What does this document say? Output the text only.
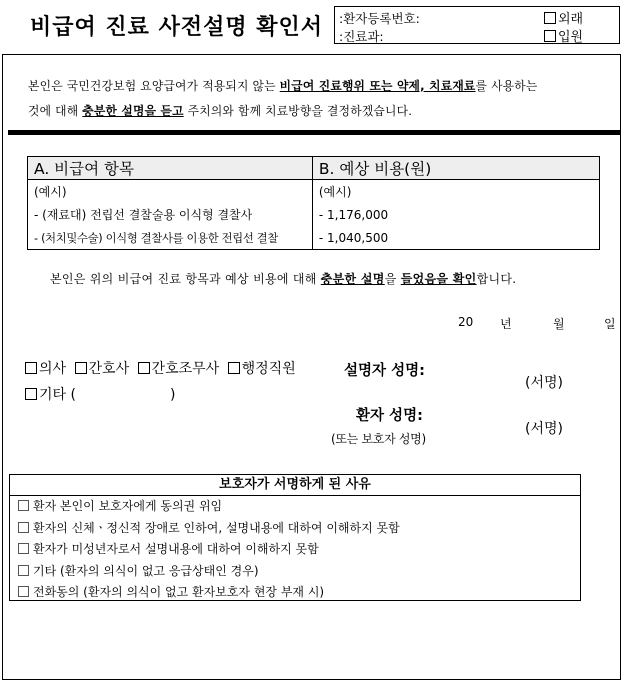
비급여 진료 사전설명 확인서 :환자등록번호:
:진료과:
외래
입원
본인은 국민건강보험 요양급여가 적용되지 않는 비급여 진료행위 또는 약제, 치료재료를 사용하는
것에 대해 충분한 설명을 듣고 주치의와 함께 치료방향을 결정하겠습니다.
A. 비급여 항목	B. 예상 비용(원)
(예시)	(예시)
- (재료대) 전립선 결찰술용 이식형 결찰사	- 1,176,000
- (처치및수술) 이식형 결찰사를 이용한 전립선 결찰	- 1,040,500
본인은 위의 비급여 진료 항목과 예상 비용에 대해 충분한 설명을 들었음을 확인합니다.
20 년	월	일
의사 간호사 간호조무사 행정직원
기타 (	)
설명자 성명:
(서명)
환자 성명:
(또는 보호자 성명)
(서명)
보호자가 서명하게 된 사유
환자 본인이 보호자에게 동의권 위임
환자의 신체ㆍ정신적 장애로 인하여, 설명내용에 대하여 이해하지 못함
환자가 미성년자로서 설명내용에 대하여 이해하지 못함
기타 (환자의 의식이 없고 응급상태인 경우)
전화동의 (환자의 의식이 없고 환자보호자 현장 부재 시)
